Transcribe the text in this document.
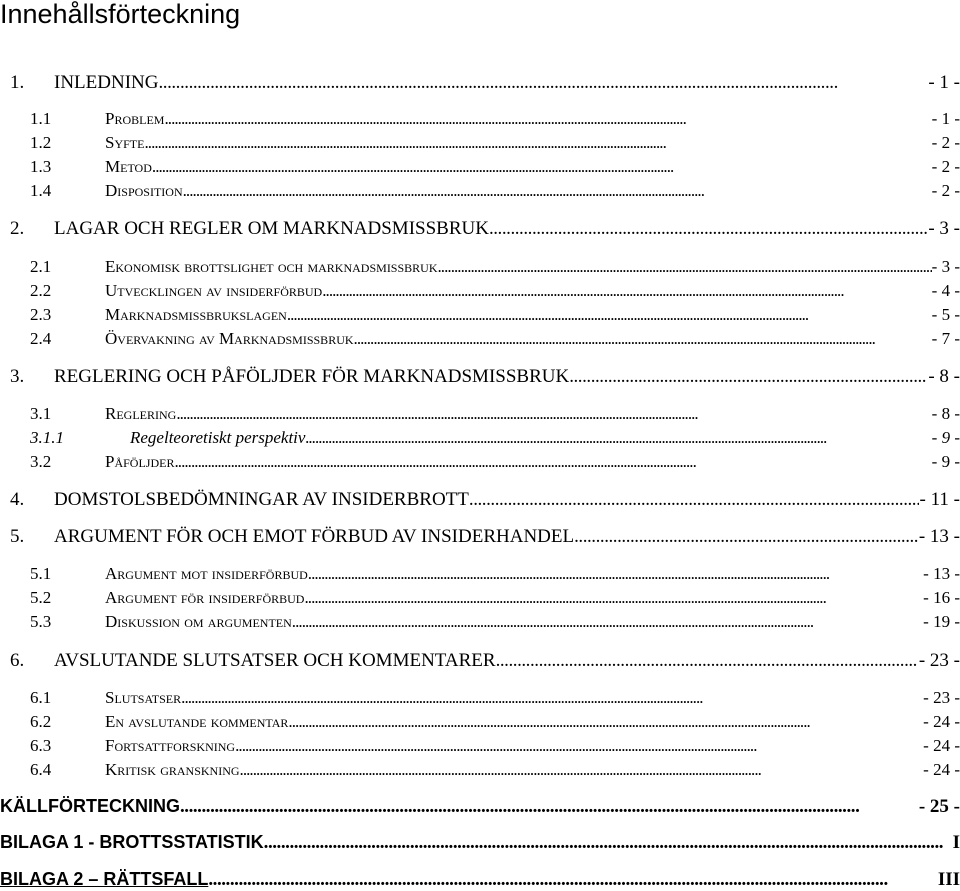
Innehållsförteckning
1.	INLEDNING . . .	- 1 -
1.1	Problem . . .	- 1 -
1.2	Syfte . . .	- 2 -
1.3	Metod . . .	- 2 -
1.4	Disposition . . .	- 2 -
2.	LAGAR OCH REGLER OM MARKNADSMISSBRUK . . .	- 3 -
2.1	Ekonomisk brottslighet och marknadsmissbruk . . .	- 3 -
2.2	Utvecklingen av insiderförbud . . .	- 4 -
2.3	Marknadsmissbrukslagen . . .	- 5 -
2.4	Övervakning av Marknadsmissbruk . . .	- 7 -
3.	REGLERING OCH PÅFÖLJDER FÖR MARKNADSMISSBRUK . . .	- 8 -
3.1	Reglering . . .	- 8 -
3.1.1	Regelteoretiskt perspektiv . . .	- 9 -
3.2	Påföljder . . .	- 9 -
4.	DOMSTOLSBEDÖMNINGAR AV INSIDERBROTT . . .	- 11 -
5.	ARGUMENT FÖR OCH EMOT FÖRBUD AV INSIDERHANDEL . . .	- 13 -
5.1	Argument mot insiderförbud . . .	- 13 -
5.2	Argument för insiderförbud . . .	- 16 -
5.3	Diskussion om argumenten . . .	- 19 -
6.	AVSLUTANDE SLUTSATSER OCH KOMMENTARER . . .	- 23 -
6.1	Slutsatser . . .	- 23 -
6.2	En avslutande kommentar . . .	- 24 -
6.3	Fortsattforskning . . .	- 24 -
6.4	Kritisk granskning . . .	- 24 -
KÄLLFÖRTECKNING . . .	- 25 -
BILAGA 1 - BROTTSSTATISTIK . . .	I
BILAGA 2 – RÄTTSFALL . . .	III
